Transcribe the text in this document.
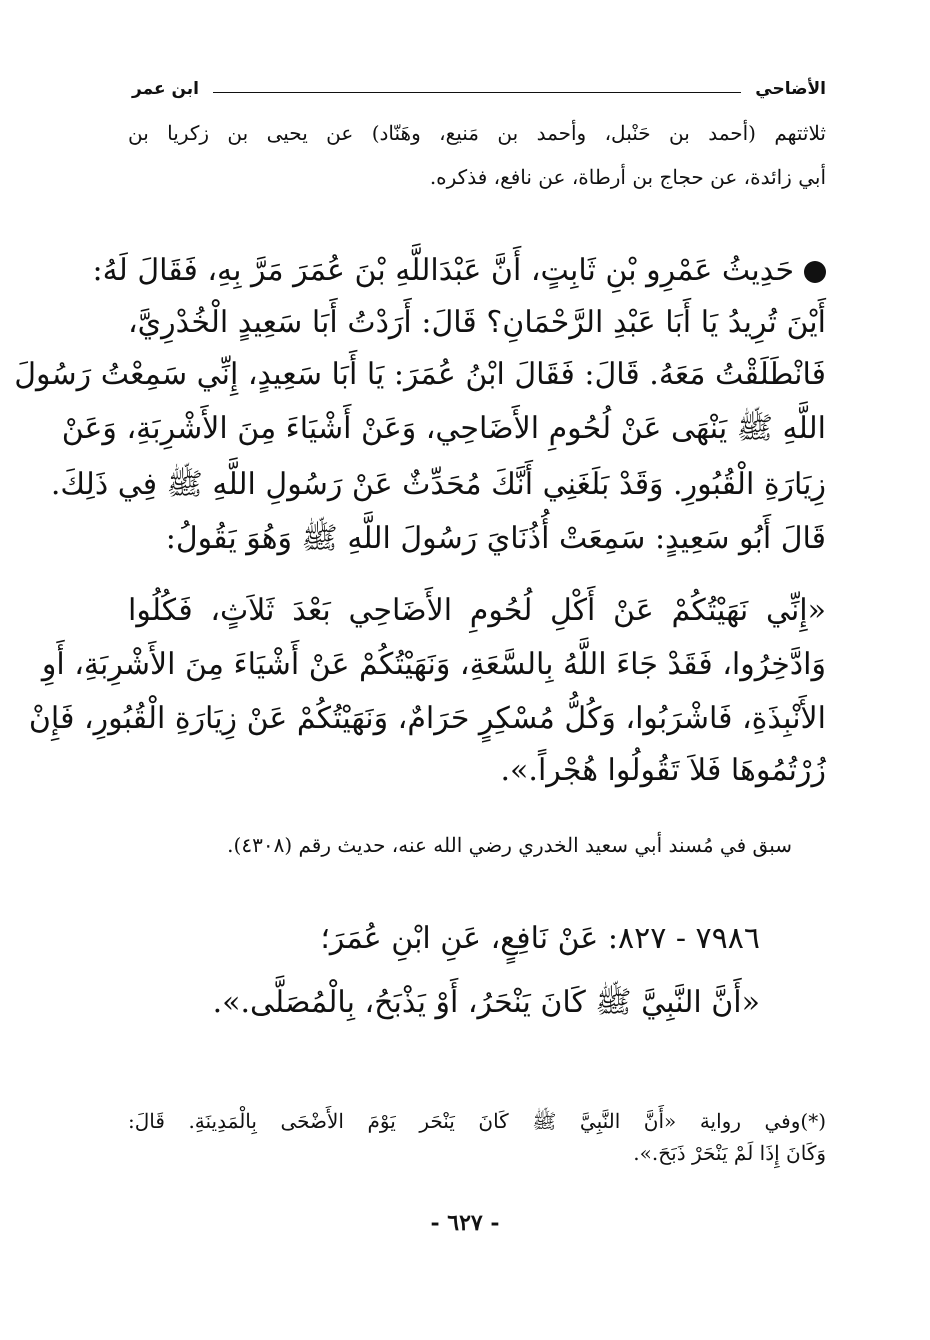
الأضاحي
ابن عمر
ثلاثتهم (أحمد بن حَنْبل، وأحمد بن مَنيع، وهَنّاد) عن يحيى بن زكريا بن
أبي زائدة، عن حجاج بن أرطاة، عن نافع، فذكره.
حَدِيثُ عَمْرِو بْنِ ثَابِتٍ، أَنَّ عَبْدَاللَّهِ بْنَ عُمَرَ مَرَّ بِهِ، فَقَالَ لَهُ:
أَيْنَ تُرِيدُ يَا أَبَا عَبْدِ الرَّحْمَانِ؟ قَالَ: أَرَدْتُ أَبَا سَعِيدٍ الْخُدْرِيَّ،
فَانْطَلَقْتُ مَعَهُ. قَالَ: فَقَالَ ابْنُ عُمَرَ: يَا أَبَا سَعِيدٍ، إِنِّي سَمِعْتُ رَسُولَ
اللَّهِ ﷺ يَنْهَى عَنْ لُحُومِ الأَضَاحِي، وَعَنْ أَشْيَاءَ مِنَ الأَشْرِبَةِ، وَعَنْ
زِيَارَةِ الْقُبُورِ. وَقَدْ بَلَغَنِي أَنَّكَ مُحَدِّثٌ عَنْ رَسُولِ اللَّهِ ﷺ فِي ذَلِكَ.
قَالَ أَبُو سَعِيدٍ: سَمِعَتْ أُذُنَايَ رَسُولَ اللَّهِ ﷺ وَهُوَ يَقُولُ:
«إِنِّي نَهَيْتُكُمْ عَنْ أَكْلِ لُحُومِ الأَضَاحِي بَعْدَ ثَلاَثٍ، فَكُلُوا
وَادَّخِرُوا، فَقَدْ جَاءَ اللَّهُ بِالسَّعَةِ، وَنَهَيْتُكُمْ عَنْ أَشْيَاءَ مِنَ الأَشْرِبَةِ، أَوِ
الأَنْبِذَةِ، فَاشْرَبُوا، وَكُلُّ مُسْكِرٍ حَرَامٌ، وَنَهَيْتُكُمْ عَنْ زِيَارَةِ الْقُبُورِ، فَإِنْ
زُرْتُمُوهَا فَلاَ تَقُولُوا هُجْراً.».
سبق في مُسند أبي سعيد الخدري رضي الله عنه، حديث رقم (٤٣٠٨).
٧٩٨٦ - ٨٢٧: عَنْ نَافِعٍ، عَنِ ابْنِ عُمَرَ؛
«أَنَّ النَّبِيَّ ﷺ كَانَ يَنْحَرُ، أَوْ يَذْبَحُ، بِالْمُصَلَّى.».
(*)وفي رواية «أَنَّ النَّبِيَّ ﷺ كَانَ يَنْحَر يَوْمَ الأَضْحَى بِالْمَدِينَةِ. قَالَ:
وَكَانَ إِذَا لَمْ يَنْحَرْ ذَبَحَ.».
- ٦٢٧ -
